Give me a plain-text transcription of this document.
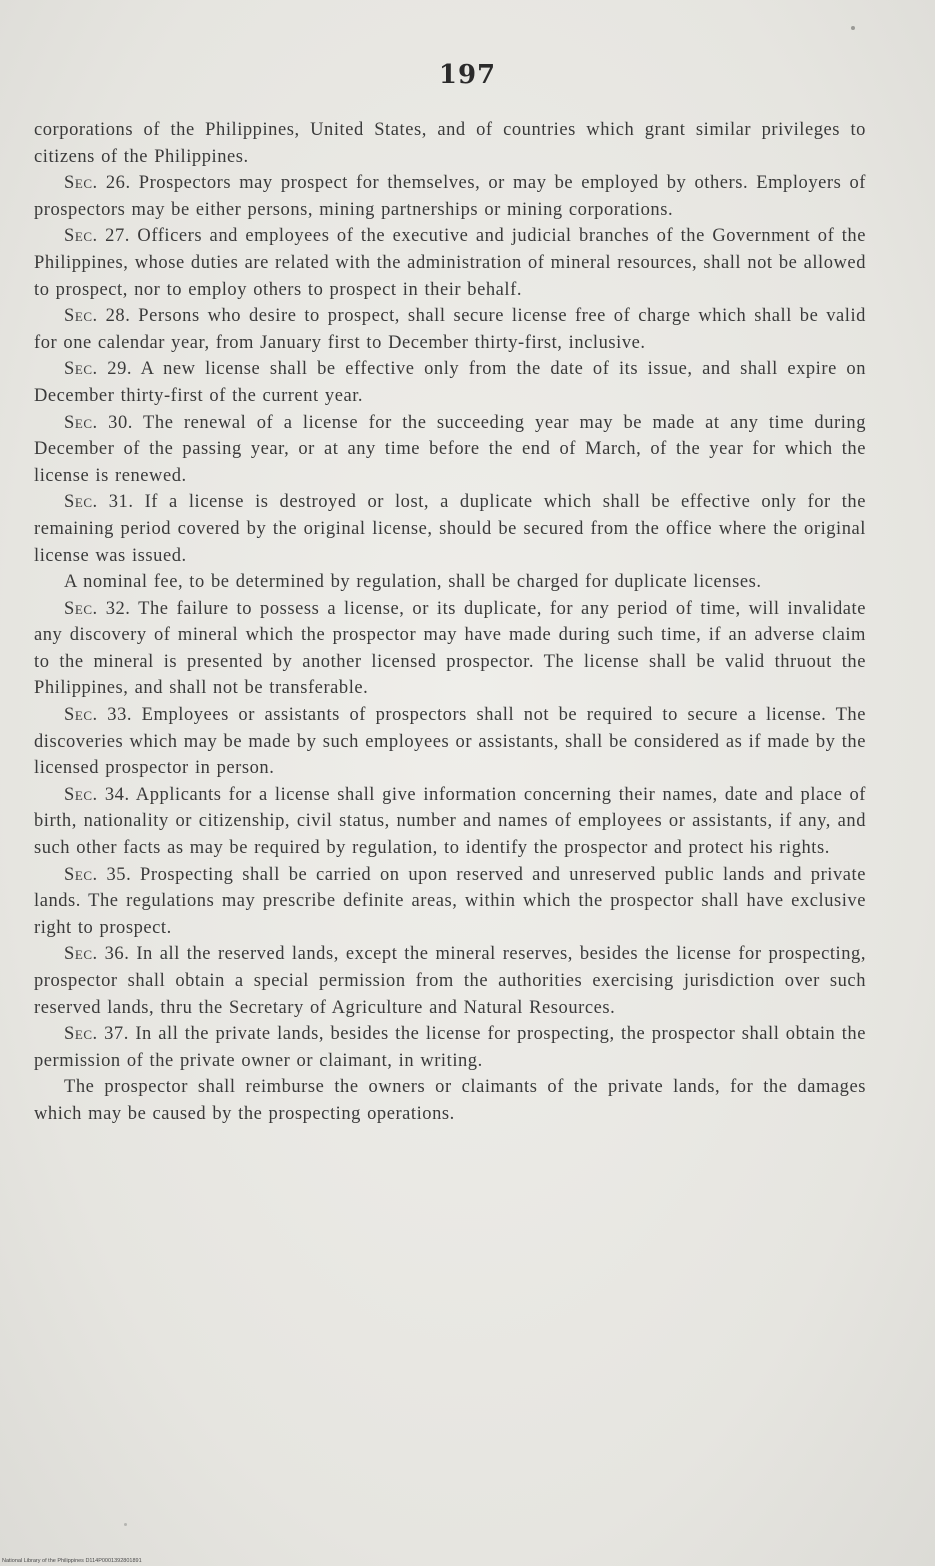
197

corporations of the Philippines, United States, and of countries which grant similar privileges to citizens of the Philippines.

Sec. 26. Prospectors may prospect for themselves, or may be employed by others. Employers of prospectors may be either persons, mining partnerships or mining corporations.

Sec. 27. Officers and employees of the executive and judicial branches of the Government of the Philippines, whose duties are related with the administration of mineral resources, shall not be allowed to prospect, nor to employ others to prospect in their behalf.

Sec. 28. Persons who desire to prospect, shall secure license free of charge which shall be valid for one calendar year, from January first to December thirty-first, inclusive.

Sec. 29. A new license shall be effective only from the date of its issue, and shall expire on December thirty-first of the current year.

Sec. 30. The renewal of a license for the succeeding year may be made at any time during December of the passing year, or at any time before the end of March, of the year for which the license is renewed.

Sec. 31. If a license is destroyed or lost, a duplicate which shall be effective only for the remaining period covered by the original license, should be secured from the office where the original license was issued.

A nominal fee, to be determined by regulation, shall be charged for duplicate licenses.

Sec. 32. The failure to possess a license, or its duplicate, for any period of time, will invalidate any discovery of mineral which the prospector may have made during such time, if an adverse claim to the mineral is presented by another licensed prospector. The license shall be valid thruout the Philippines, and shall not be transferable.

Sec. 33. Employees or assistants of prospectors shall not be required to secure a license. The discoveries which may be made by such employees or assistants, shall be considered as if made by the licensed prospector in person.

Sec. 34. Applicants for a license shall give information concerning their names, date and place of birth, nationality or citizenship, civil status, number and names of employees or assistants, if any, and such other facts as may be required by regulation, to identify the prospector and protect his rights.

Sec. 35. Prospecting shall be carried on upon reserved and unreserved public lands and private lands. The regulations may prescribe definite areas, within which the prospector shall have exclusive right to prospect.

Sec. 36. In all the reserved lands, except the mineral reserves, besides the license for prospecting, prospector shall obtain a special permission from the authorities exercising jurisdiction over such reserved lands, thru the Secretary of Agriculture and Natural Resources.

Sec. 37. In all the private lands, besides the license for prospecting, the prospector shall obtain the permission of the private owner or claimant, in writing.

The prospector shall reimburse the owners or claimants of the private lands, for the damages which may be caused by the prospecting operations.

National Library of the Philippines D114P0001392801891
